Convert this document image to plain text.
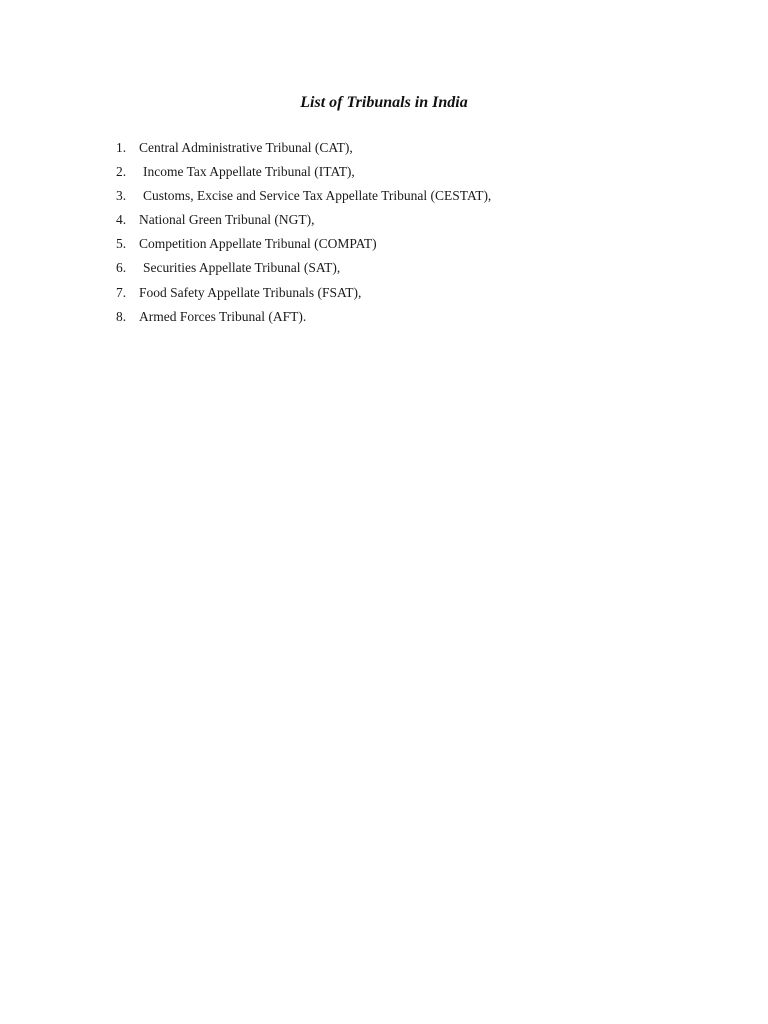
List of Tribunals in India
1. Central Administrative Tribunal (CAT),
2.	Income Tax Appellate Tribunal (ITAT),
3.	Customs, Excise and Service Tax Appellate Tribunal (CESTAT),
4. National Green Tribunal (NGT),
5. Competition Appellate Tribunal (COMPAT)
6.	Securities Appellate Tribunal (SAT),
7. Food Safety Appellate Tribunals (FSAT),
8. Armed Forces Tribunal (AFT).
